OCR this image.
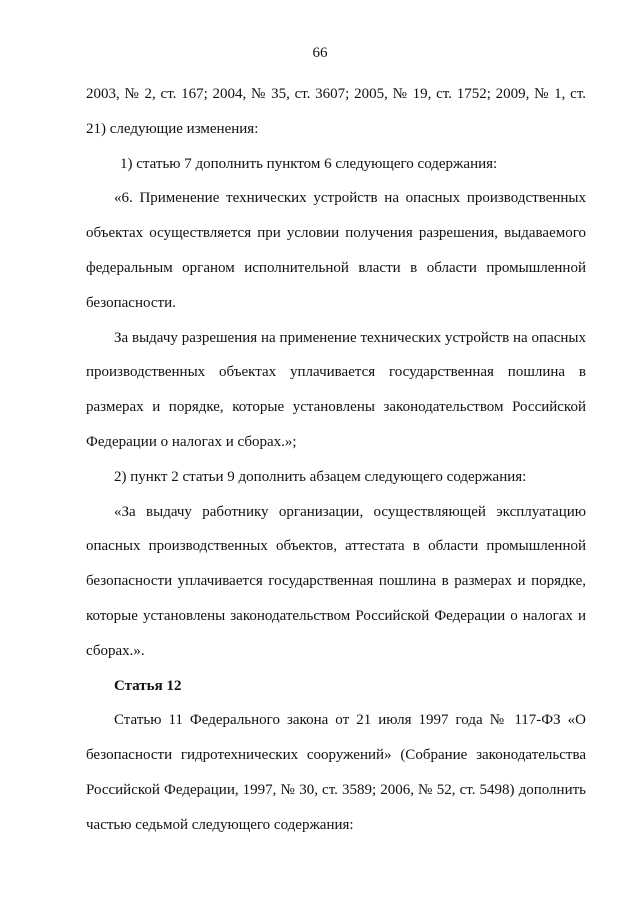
66

2003, № 2, ст. 167; 2004, № 35, ст. 3607; 2005, № 19, ст. 1752; 2009, № 1, ст. 21) следующие изменения:

1) статью 7 дополнить пунктом 6 следующего содержания:

«6. Применение технических устройств на опасных производственных объектах осуществляется при условии получения разрешения, выдаваемого федеральным органом исполнительной власти в области промышленной безопасности.

За выдачу разрешения на применение технических устройств на опасных производственных объектах уплачивается государственная пошлина в размерах и порядке, которые установлены законодательством Российской Федерации о налогах и сборах.»;

2) пункт 2 статьи 9 дополнить абзацем следующего содержания:

«За выдачу работнику организации, осуществляющей эксплуатацию опасных производственных объектов, аттестата в области промышленной безопасности уплачивается государственная пошлина в размерах и порядке, которые установлены законодательством Российской Федерации о налогах и сборах.».

Статья 12

Статью 11 Федерального закона от 21 июля 1997 года № 117-ФЗ «О безопасности гидротехнических сооружений» (Собрание законодательства Российской Федерации, 1997, № 30, ст. 3589; 2006, № 52, ст. 5498) дополнить частью седьмой следующего содержания:
